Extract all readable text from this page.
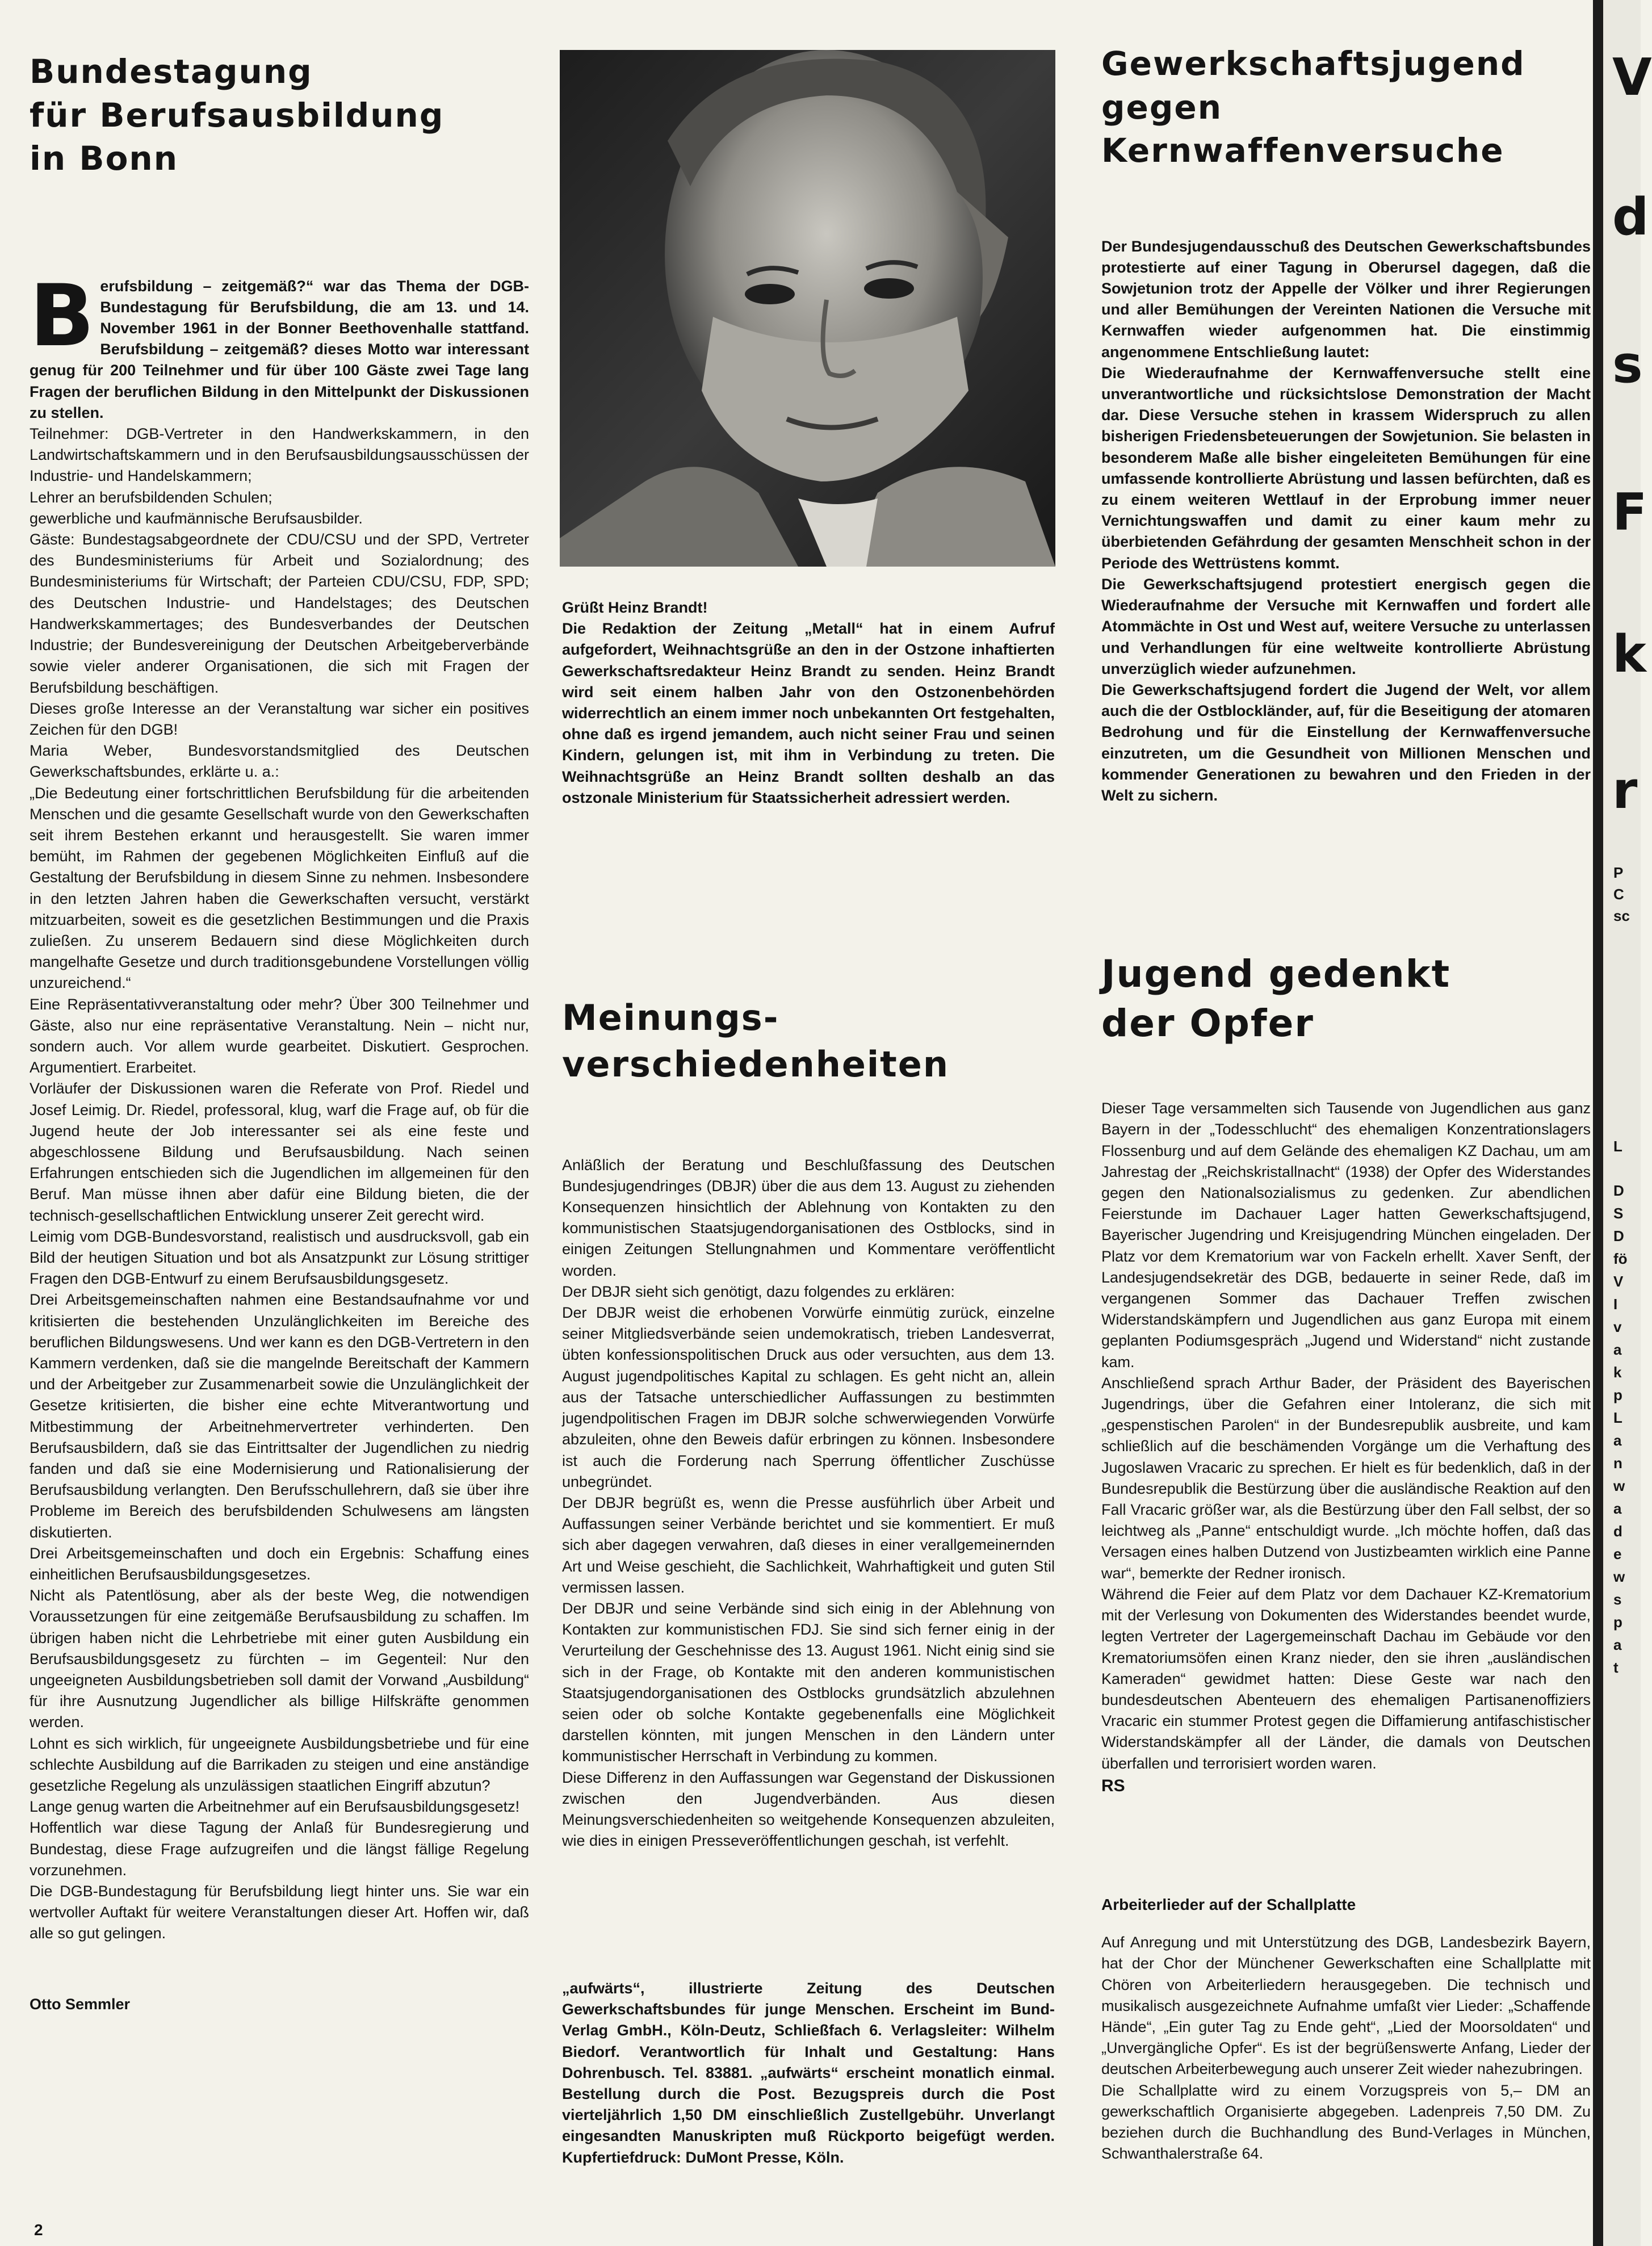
Bundestagung
für Berufsausbildung
in Bonn

Berufsbildung – zeitgemäß?“ war das Thema der DGB-Bundestagung für Berufsbildung, die am 13. und 14. November 1961 in der Bonner Beethovenhalle stattfand. Berufsbildung – zeitgemäß? dieses Motto war interessant genug für 200 Teilnehmer und für über 100 Gäste zwei Tage lang Fragen der beruflichen Bildung in den Mittelpunkt der Diskussionen zu stellen.

Teilnehmer: DGB-Vertreter in den Handwerkskammern, in den Landwirtschaftskammern und in den Berufsausbildungsausschüssen der Industrie- und Handelskammern;
Lehrer an berufsbildenden Schulen;
gewerbliche und kaufmännische Berufsausbilder.
Gäste: Bundestagsabgeordnete der CDU/CSU und der SPD, Vertreter des Bundesministeriums für Arbeit und Sozialordnung; des Bundesministeriums für Wirtschaft; der Parteien CDU/CSU, FDP, SPD; des Deutschen Industrie- und Handelstages; des Deutschen Handwerkskammertages; des Bundesverbandes der Deutschen Industrie; der Bundesvereinigung der Deutschen Arbeitgeberverbände sowie vieler anderer Organisationen, die sich mit Fragen der Berufsbildung beschäftigen.
Dieses große Interesse an der Veranstaltung war sicher ein positives Zeichen für den DGB!
Maria Weber, Bundesvorstandsmitglied des Deutschen Gewerkschaftsbundes, erklärte u. a.:
„Die Bedeutung einer fortschrittlichen Berufsbildung für die arbeitenden Menschen und die gesamte Gesellschaft wurde von den Gewerkschaften seit ihrem Bestehen erkannt und herausgestellt. Sie waren immer bemüht, im Rahmen der gegebenen Möglichkeiten Einfluß auf die Gestaltung der Berufsbildung in diesem Sinne zu nehmen. Insbesondere in den letzten Jahren haben die Gewerkschaften versucht, verstärkt mitzuarbeiten, soweit es die gesetzlichen Bestimmungen und die Praxis zuließen. Zu unserem Bedauern sind diese Möglichkeiten durch mangelhafte Gesetze und durch traditionsgebundene Vorstellungen völlig unzureichend.“
Eine Repräsentativveranstaltung oder mehr? Über 300 Teilnehmer und Gäste, also nur eine repräsentative Veranstaltung. Nein – nicht nur, sondern auch. Vor allem wurde gearbeitet. Diskutiert. Gesprochen. Argumentiert. Erarbeitet.
Vorläufer der Diskussionen waren die Referate von Prof. Riedel und Josef Leimig. Dr. Riedel, professoral, klug, warf die Frage auf, ob für die Jugend heute der Job interessanter sei als eine feste und abgeschlossene Bildung und Berufsausbildung. Nach seinen Erfahrungen entschieden sich die Jugendlichen im allgemeinen für den Beruf. Man müsse ihnen aber dafür eine Bildung bieten, die der technisch-gesellschaftlichen Entwicklung unserer Zeit gerecht wird.
Leimig vom DGB-Bundesvorstand, realistisch und ausdrucksvoll, gab ein Bild der heutigen Situation und bot als Ansatzpunkt zur Lösung strittiger Fragen den DGB-Entwurf zu einem Berufsausbildungsgesetz.
Drei Arbeitsgemeinschaften nahmen eine Bestandsaufnahme vor und kritisierten die bestehenden Unzulänglichkeiten im Bereiche des beruflichen Bildungswesens. Und wer kann es den DGB-Vertretern in den Kammern verdenken, daß sie die mangelnde Bereitschaft der Kammern und der Arbeitgeber zur Zusammenarbeit sowie die Unzulänglichkeit der Gesetze kritisierten, die bisher eine echte Mitverantwortung und Mitbestimmung der Arbeitnehmervertreter verhinderten. Den Berufsausbildern, daß sie das Eintrittsalter der Jugendlichen zu niedrig fanden und daß sie eine Modernisierung und Rationalisierung der Berufsausbildung verlangten. Den Berufsschullehrern, daß sie über ihre Probleme im Bereich des berufsbildenden Schulwesens am längsten diskutierten.
Drei Arbeitsgemeinschaften und doch ein Ergebnis: Schaffung eines einheitlichen Berufsausbildungsgesetzes.
Nicht als Patentlösung, aber als der beste Weg, die notwendigen Voraussetzungen für eine zeitgemäße Berufsausbildung zu schaffen. Im übrigen haben nicht die Lehrbetriebe mit einer guten Ausbildung ein Berufsausbildungsgesetz zu fürchten – im Gegenteil: Nur den ungeeigneten Ausbildungsbetrieben soll damit der Vorwand „Ausbildung“ für ihre Ausnutzung Jugendlicher als billige Hilfskräfte genommen werden.
Lohnt es sich wirklich, für ungeeignete Ausbildungsbetriebe und für eine schlechte Ausbildung auf die Barrikaden zu steigen und eine anständige gesetzliche Regelung als unzulässigen staatlichen Eingriff abzutun?
Lange genug warten die Arbeitnehmer auf ein Berufsausbildungsgesetz!
Hoffentlich war diese Tagung der Anlaß für Bundesregierung und Bundestag, diese Frage aufzugreifen und die längst fällige Regelung vorzunehmen.
Die DGB-Bundestagung für Berufsbildung liegt hinter uns. Sie war ein wertvoller Auftakt für weitere Veranstaltungen dieser Art. Hoffen wir, daß alle so gut gelingen.

Otto Semmler

Grüßt Heinz Brandt!

Die Redaktion der Zeitung „Metall“ hat in einem Aufruf aufgefordert, Weihnachtsgrüße an den in der Ostzone inhaftierten Gewerkschaftsredakteur Heinz Brandt zu senden. Heinz Brandt wird seit einem halben Jahr von den Ostzonenbehörden widerrechtlich an einem immer noch unbekannten Ort festgehalten, ohne daß es irgend jemandem, auch nicht seiner Frau und seinen Kindern, gelungen ist, mit ihm in Verbindung zu treten. Die Weihnachtsgrüße an Heinz Brandt sollten deshalb an das ostzonale Ministerium für Staatssicherheit adressiert werden.

Meinungs-
verschiedenheiten

Anläßlich der Beratung und Beschlußfassung des Deutschen Bundesjugendringes (DBJR) über die aus dem 13. August zu ziehenden Konsequenzen hinsichtlich der Ablehnung von Kontakten zu den kommunistischen Staatsjugendorganisationen des Ostblocks, sind in einigen Zeitungen Stellungnahmen und Kommentare veröffentlicht worden.
Der DBJR sieht sich genötigt, dazu folgendes zu erklären:
Der DBJR weist die erhobenen Vorwürfe einmütig zurück, einzelne seiner Mitgliedsverbände seien undemokratisch, trieben Landesverrat, übten konfessionspolitischen Druck aus oder versuchten, aus dem 13. August jugendpolitisches Kapital zu schlagen. Es geht nicht an, allein aus der Tatsache unterschiedlicher Auffassungen zu bestimmten jugendpolitischen Fragen im DBJR solche schwerwiegenden Vorwürfe abzuleiten, ohne den Beweis dafür erbringen zu können. Insbesondere ist auch die Forderung nach Sperrung öffentlicher Zuschüsse unbegründet.
Der DBJR begrüßt es, wenn die Presse ausführlich über Arbeit und Auffassungen seiner Verbände berichtet und sie kommentiert. Er muß sich aber dagegen verwahren, daß dieses in einer verallgemeinernden Art und Weise geschieht, die Sachlichkeit, Wahrhaftigkeit und guten Stil vermissen lassen.
Der DBJR und seine Verbände sind sich einig in der Ablehnung von Kontakten zur kommunistischen FDJ. Sie sind sich ferner einig in der Verurteilung der Geschehnisse des 13. August 1961. Nicht einig sind sie sich in der Frage, ob Kontakte mit den anderen kommunistischen Staatsjugendorganisationen des Ostblocks grundsätzlich abzulehnen seien oder ob solche Kontakte gegebenenfalls eine Möglichkeit darstellen könnten, mit jungen Menschen in den Ländern unter kommunistischer Herrschaft in Verbindung zu kommen.
Diese Differenz in den Auffassungen war Gegenstand der Diskussionen zwischen den Jugendverbänden. Aus diesen Meinungsverschiedenheiten so weitgehende Konsequenzen abzuleiten, wie dies in einigen Presseveröffentlichungen geschah, ist verfehlt.

„aufwärts“, illustrierte Zeitung des Deutschen Gewerkschaftsbundes für junge Menschen. Erscheint im Bund-Verlag GmbH., Köln-Deutz, Schließfach 6. Verlagsleiter: Wilhelm Biedorf. Verantwortlich für Inhalt und Gestaltung: Hans Dohrenbusch. Tel. 83881. „aufwärts“ erscheint monatlich einmal. Bestellung durch die Post. Bezugspreis durch die Post vierteljährlich 1,50 DM einschließlich Zustellgebühr. Unverlangt eingesandten Manuskripten muß Rückporto beigefügt werden. Kupfertiefdruck: DuMont Presse, Köln.

Gewerkschaftsjugend
gegen
Kernwaffenversuche

Der Bundesjugendausschuß des Deutschen Gewerkschaftsbundes protestierte auf einer Tagung in Oberursel dagegen, daß die Sowjetunion trotz der Appelle der Völker und ihrer Regierungen und aller Bemühungen der Vereinten Nationen die Versuche mit Kernwaffen wieder aufgenommen hat. Die einstimmig angenommene Entschließung lautet:
Die Wiederaufnahme der Kernwaffenversuche stellt eine unverantwortliche und rücksichtslose Demonstration der Macht dar. Diese Versuche stehen in krassem Widerspruch zu allen bisherigen Friedensbeteuerungen der Sowjetunion. Sie belasten in besonderem Maße alle bisher eingeleiteten Bemühungen für eine umfassende kontrollierte Abrüstung und lassen befürchten, daß es zu einem weiteren Wettlauf in der Erprobung immer neuer Vernichtungswaffen und damit zu einer kaum mehr zu überbietenden Gefährdung der gesamten Menschheit schon in der Periode des Wettrüstens kommt.
Die Gewerkschaftsjugend protestiert energisch gegen die Wiederaufnahme der Versuche mit Kernwaffen und fordert alle Atommächte in Ost und West auf, weitere Versuche zu unterlassen und Verhandlungen für eine weltweite kontrollierte Abrüstung unverzüglich wieder aufzunehmen.
Die Gewerkschaftsjugend fordert die Jugend der Welt, vor allem auch die der Ostblockländer, auf, für die Beseitigung der atomaren Bedrohung und für die Einstellung der Kernwaffenversuche einzutreten, um die Gesundheit von Millionen Menschen und kommender Generationen zu bewahren und den Frieden in der Welt zu sichern.

Jugend gedenkt
der Opfer

Dieser Tage versammelten sich Tausende von Jugendlichen aus ganz Bayern in der „Todesschlucht“ des ehemaligen Konzentrationslagers Flossenburg und auf dem Gelände des ehemaligen KZ Dachau, um am Jahrestag der „Reichskristallnacht“ (1938) der Opfer des Widerstandes gegen den Nationalsozialismus zu gedenken. Zur abendlichen Feierstunde im Dachauer Lager hatten Gewerkschaftsjugend, Bayerischer Jugendring und Kreisjugendring München eingeladen. Der Platz vor dem Krematorium war von Fackeln erhellt. Xaver Senft, der Landesjugendsekretär des DGB, bedauerte in seiner Rede, daß im vergangenen Sommer das Dachauer Treffen zwischen Widerstandskämpfern und Jugendlichen aus ganz Europa mit einem geplanten Podiumsgespräch „Jugend und Widerstand“ nicht zustande kam.
Anschließend sprach Arthur Bader, der Präsident des Bayerischen Jugendrings, über die Gefahren einer Intoleranz, die sich mit „gespenstischen Parolen“ in der Bundesrepublik ausbreite, und kam schließlich auf die beschämenden Vorgänge um die Verhaftung des Jugoslawen Vracaric zu sprechen. Er hielt es für bedenklich, daß in der Bundesrepublik die Bestürzung über die ausländische Reaktion auf den Fall Vracaric größer war, als die Bestürzung über den Fall selbst, der so leichtweg als „Panne“ entschuldigt wurde. „Ich möchte hoffen, daß das Versagen eines halben Dutzend von Justizbeamten wirklich eine Panne war“, bemerkte der Redner ironisch.
Während die Feier auf dem Platz vor dem Dachauer KZ-Krematorium mit der Verlesung von Dokumenten des Widerstandes beendet wurde, legten Vertreter der Lagergemeinschaft Dachau im Gebäude vor den Krematoriumsöfen einen Kranz nieder, den sie ihren „ausländischen Kameraden“ gewidmet hatten: Diese Geste war nach den bundesdeutschen Abenteuern des ehemaligen Partisanenoffiziers Vracaric ein stummer Protest gegen die Diffamierung antifaschistischer Widerstandskämpfer all der Länder, die damals von Deutschen überfallen und terrorisiert worden waren.

RS

Arbeiterlieder auf der Schallplatte

Auf Anregung und mit Unterstützung des DGB, Landesbezirk Bayern, hat der Chor der Münchener Gewerkschaften eine Schallplatte mit Chören von Arbeiterliedern herausgegeben. Die technisch und musikalisch ausgezeichnete Aufnahme umfaßt vier Lieder: „Schaffende Hände“, „Ein guter Tag zu Ende geht“, „Lied der Moorsoldaten“ und „Unvergängliche Opfer“. Es ist der begrüßenswerte Anfang, Lieder der deutschen Arbeiterbewegung auch unserer Zeit wieder nahezubringen.
Die Schallplatte wird zu einem Vorzugspreis von 5,– DM an gewerkschaftlich Organisierte abgegeben. Ladenpreis 7,50 DM. Zu beziehen durch die Buchhandlung des Bund-Verlages in München, Schwanthalerstraße 64.

2
V
d
s
F
k
r
P
C
sc
L
D
S
D
fö
V
I
v
a
k
p
L
a
n
w
a
d
e
w
s
p
a
t
